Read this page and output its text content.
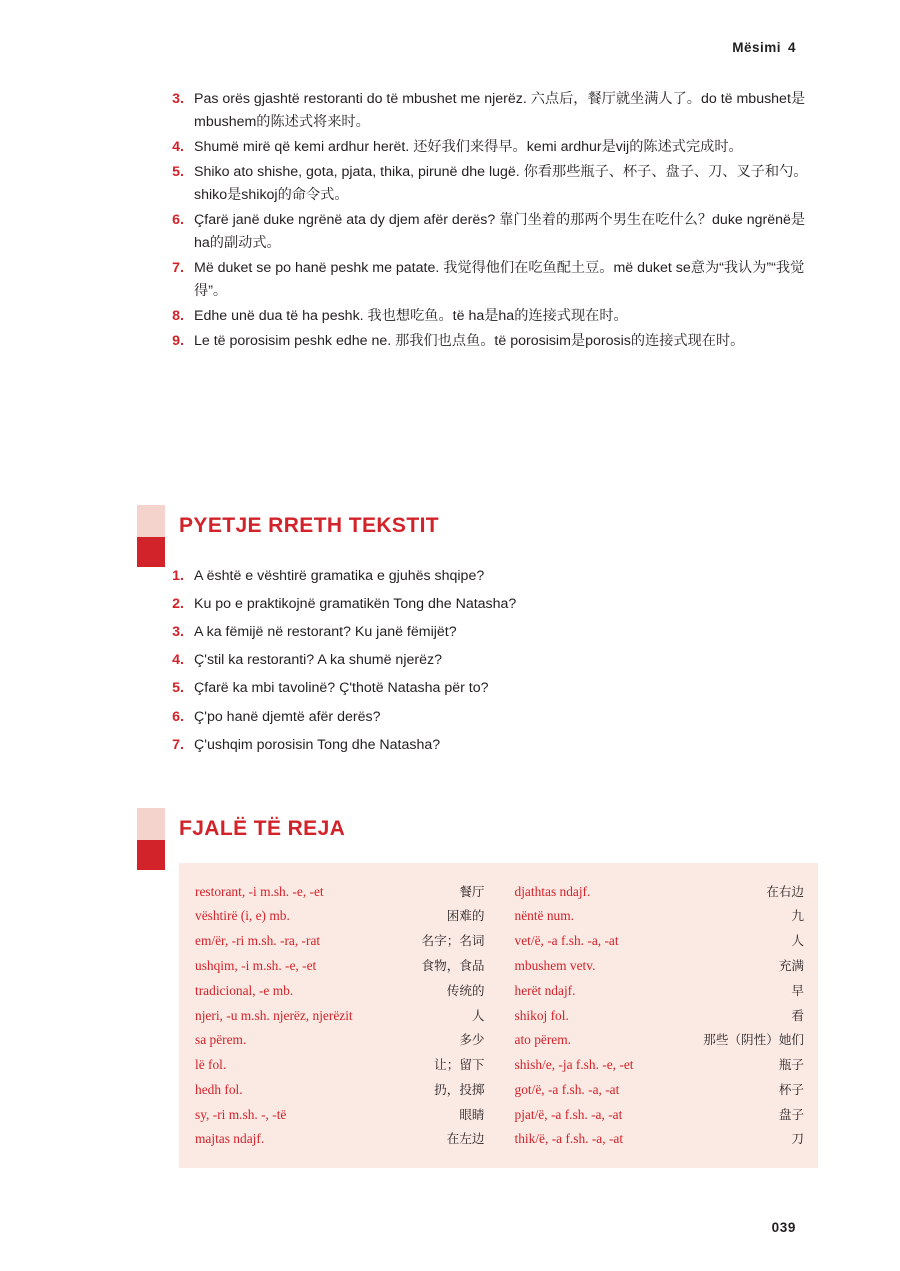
Mësimi 4
3. Pas orës gjashtë restoranti do të mbushet me njerëz. 六点后，餐厅就坐满人了。do të mbushet是mbushem的陈述式将来时。
4. Shumë mirë që kemi ardhur herët. 还好我们来得早。kemi ardhur是vij的陈述式完成时。
5. Shiko ato shishe, gota, pjata, thika, pirunë dhe lugë. 你看那些瓶子、杯子、盘子、刀、叉子和勺。shiko是shikoj的命令式。
6. Çfarë janë duke ngrënë ata dy djem afër derës? 靠门坐着的那两个男生在吃什么？duke ngrënë是ha的副动式。
7. Më duket se po hanë peshk me patate. 我觉得他们在吃鱼配土豆。më duket se意为“我认为”“我觉得”。
8. Edhe unë dua të ha peshk. 我也想吃鱼。të ha是ha的连接式现在时。
9. Le të porosisim peshk edhe ne. 那我们也点鱼。të porosisim是porosis的连接式现在时。
PYETJE RRETH TEKSTIT
1. A është e vështirë gramatika e gjuhës shqipe?
2. Ku po e praktikojnë gramatikën Tong dhe Natasha?
3. A ka fëmijë në restorant? Ku janë fëmijët?
4. Ç'stil ka restoranti? A ka shumë njerëz?
5. Çfarë ka mbi tavolinë? Ç'thotë Natasha për to?
6. Ç'po hanë djemtë afër derës?
7. Ç'ushqim porosisin Tong dhe Natasha?
FJALË TË REJA
restorant, -i m.sh. -e, -et	餐厅
vështirë (i, e) mb.	困难的
em/ër, -ri m.sh. -ra, -rat	名字；名词
ushqim, -i m.sh. -e, -et	食物，食品
tradicional, -e mb.	传统的
njeri, -u m.sh. njerëz, njerëzit	人
sa përem.	多少
lë fol.	让；留下
hedh fol.	扔，投掷
sy, -ri m.sh. -, -të	眼睛
majtas ndajf.	在左边
djathtas ndajf.	在右边
nëntë num.	九
vet/ë, -a f.sh. -a, -at	人
mbushem vetv.	充满
herët ndajf.	早
shikoj fol.	看
ato përem.	那些（阴性）她们
shish/e, -ja f.sh. -e, -et	瓶子
got/ë, -a f.sh. -a, -at	杯子
pjat/ë, -a f.sh. -a, -at	盘子
thik/ë, -a f.sh. -a, -at	刀
039
